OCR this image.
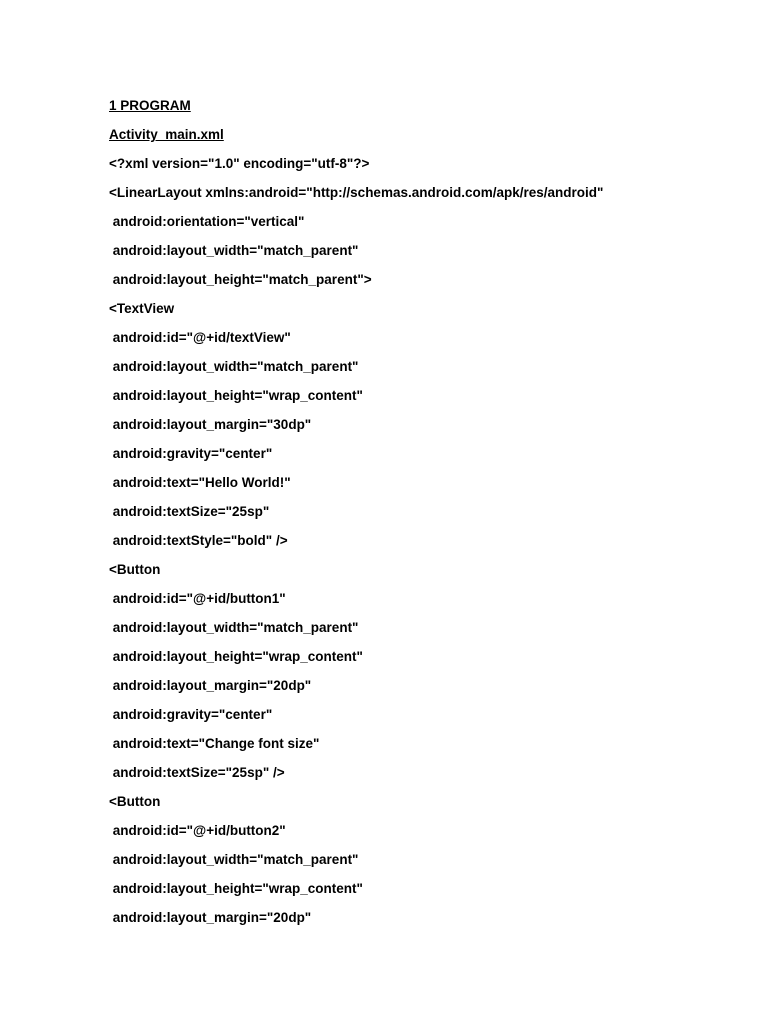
1 PROGRAM
Activity_main.xml
<?xml version="1.0" encoding="utf-8"?>
<LinearLayout xmlns:android="http://schemas.android.com/apk/res/android"
android:orientation="vertical"
android:layout_width="match_parent"
android:layout_height="match_parent">
<TextView
android:id="@+id/textView"
android:layout_width="match_parent"
android:layout_height="wrap_content"
android:layout_margin="30dp"
android:gravity="center"
android:text="Hello World!"
android:textSize="25sp"
android:textStyle="bold" />
<Button
android:id="@+id/button1"
android:layout_width="match_parent"
android:layout_height="wrap_content"
android:layout_margin="20dp"
android:gravity="center"
android:text="Change font size"
android:textSize="25sp" />
<Button
android:id="@+id/button2"
android:layout_width="match_parent"
android:layout_height="wrap_content"
android:layout_margin="20dp"
